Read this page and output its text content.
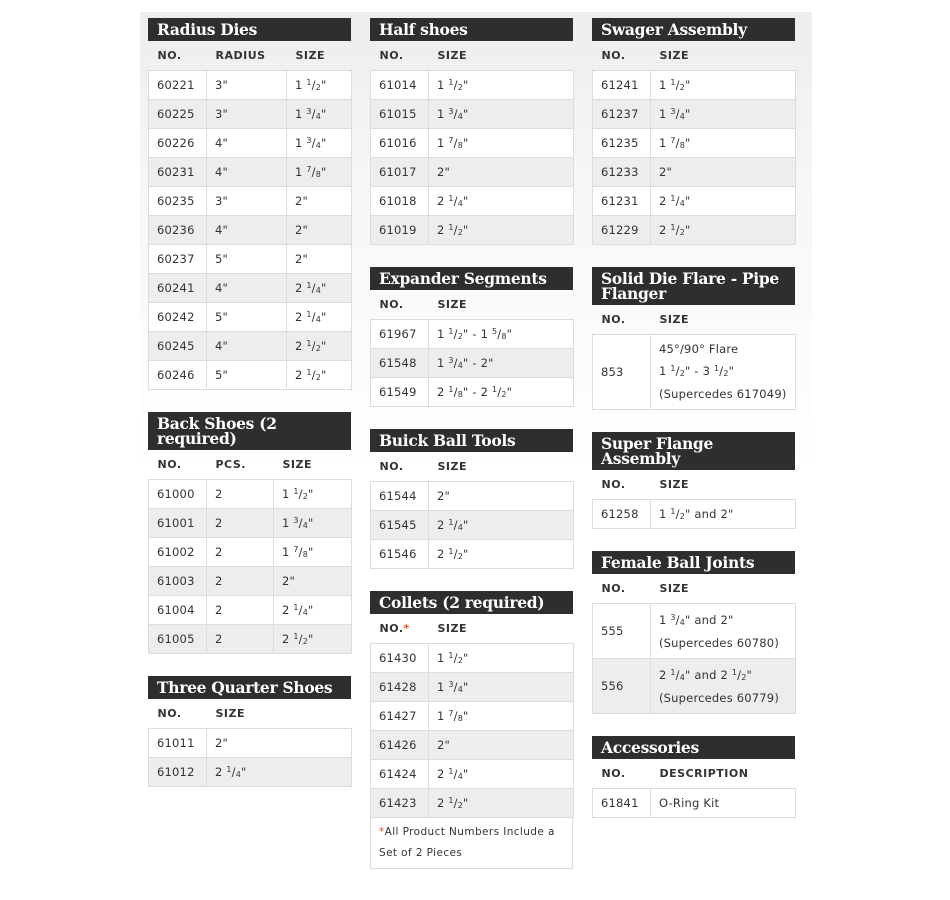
Radius Dies
NO.	RADIUS	SIZE
60221	3"	1 $^1$/2"
60225	3"	1 $^3$/4"
60226	4"	1 $^3$/4"
60231	4"	1 $^7$/8"
60235	3"	2"
60236	4"	2"
60237	5"	2"
60241	4"	2 $^1$/4"
60242	5"	2 $^1$/4"
60245	4"	2 $^1$/2"
60246	5"	2 $^1$/2"
Back Shoes (2 required)
NO.	PCS.	SIZE
61000	2	1 $^1$/2"
61001	2	1 $^3$/4"
61002	2	1 $^7$/8"
61003	2	2"
61004	2	2 $^1$/4"
61005	2	2 $^1$/2"
Three Quarter Shoes
NO.	SIZE
61011	2"
61012	2 $^1$/4"
Half shoes
NO.	SIZE
61014	1 $^1$/2"
61015	1 $^3$/4"
61016	1 $^7$/8"
61017	2"
61018	2 $^1$/4"
61019	2 $^1$/2"
Expander Segments
NO.	SIZE
61967	1 $^1$/2" - 1 $^5$/8"
61548	1 $^3$/4" - 2"
61549	2 $^1$/8" - 2 $^1$/2"
Buick Ball Tools
NO.	SIZE
61544	2"
61545	2 $^1$/4"
61546	2 $^1$/2"
Collets (2 required)
NO.*	SIZE
61430	1 $^1$/2"
61428	1 $^3$/4"
61427	1 $^7$/8"
61426	2"
61424	2 $^1$/4"
61423	2 $^1$/2"
*All Product Numbers Include a Set of 2 Pieces
Swager Assembly
NO.	SIZE
61241	1 $^1$/2"
61237	1 $^3$/4"
61235	1 $^7$/8"
61233	2"
61231	2 $^1$/4"
61229	2 $^1$/2"
Solid Die Flare - Pipe Flanger
NO.	SIZE
853	45°/90° Flare
1 $^1$/2" - 3 $^1$/2"
(Supercedes 617049)
Super Flange Assembly
NO.	SIZE
61258	1 $^1$/2" and 2"
Female Ball Joints
NO.	SIZE
555	1 $^3$/4" and 2"
(Supercedes 60780)
556	2 $^1$/4" and 2 $^1$/2"
(Supercedes 60779)
Accessories
NO.	DESCRIPTION
61841	O-Ring Kit
